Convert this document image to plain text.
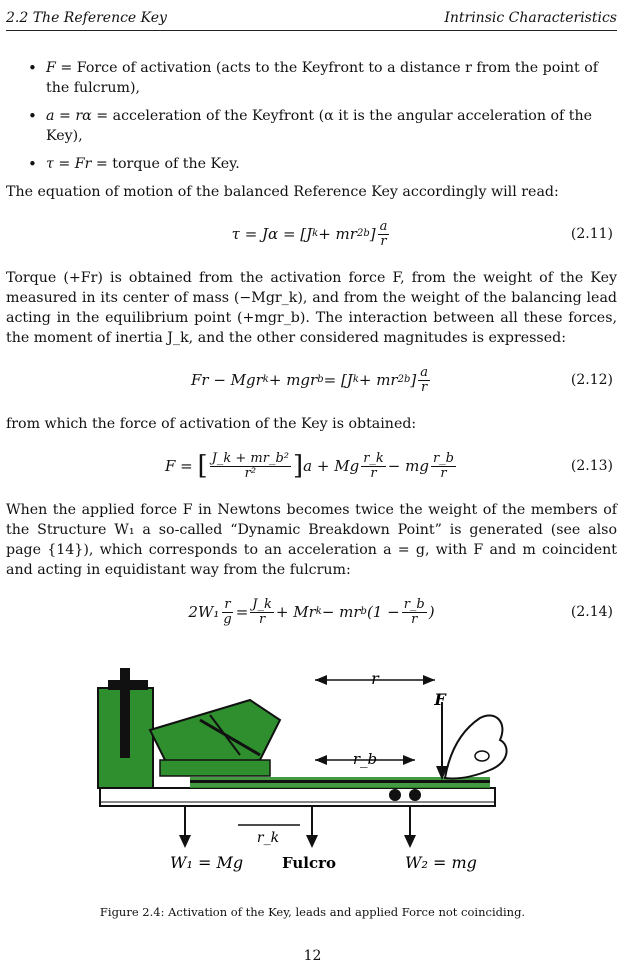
2.2 The Reference Key	Intrinsic Characteristics
• F = Force of activation (acts to the Keyfront to a distance r from the point of the fulcrum),
• a = rα = acceleration of the Keyfront (α it is the angular acceleration of the Key),
• τ = Fr = torque of the Key.

The equation of motion of the balanced Reference Key accordingly will read:

τ = Jα = [J k + mr 2 b ] $\frac{a}{r}$	(2.11)

Torque (+Fr) is obtained from the activation force F, from the weight of the Key measured in its center of mass (−Mgr_k), and from the weight of the balancing lead acting in the equilibrium point (+mgr_b). The interaction between all these forces, the moment of inertia J_k, and the other considered magnitudes is expressed:

Fr − Mgr k + mgr b = [J k + mr 2 b ] $\frac{a}{r}$	(2.12)

from which the force of activation of the Key is obtained:

F =
[ $\frac{\text{J\_k + mr\_b²}}{\text{r²}}$ ] a + Mg $\frac{r\_k}{r}$ − mg $\frac{r\_b}{r}$	(2.13)

When the applied force F in Newtons becomes twice the weight of the members of the Structure W₁ a so-called “Dynamic Breakdown Point” is generated (see also page {14}), which corresponds to an acceleration a = g, with F and m coincident and acting in equidistant way from the fulcrum:

$2W_1 \frac{r}{g} = \frac{J\_k}{r} + Mr$ k − mr b ($1 - \frac{r\_b}{r}$ )	(2.14)
r
F
r_b
r_k
W₁ = Mg	Fulcro	W₂ = mg
Figure 2.4: Activation of the Key, leads and applied Force not coinciding.
12
